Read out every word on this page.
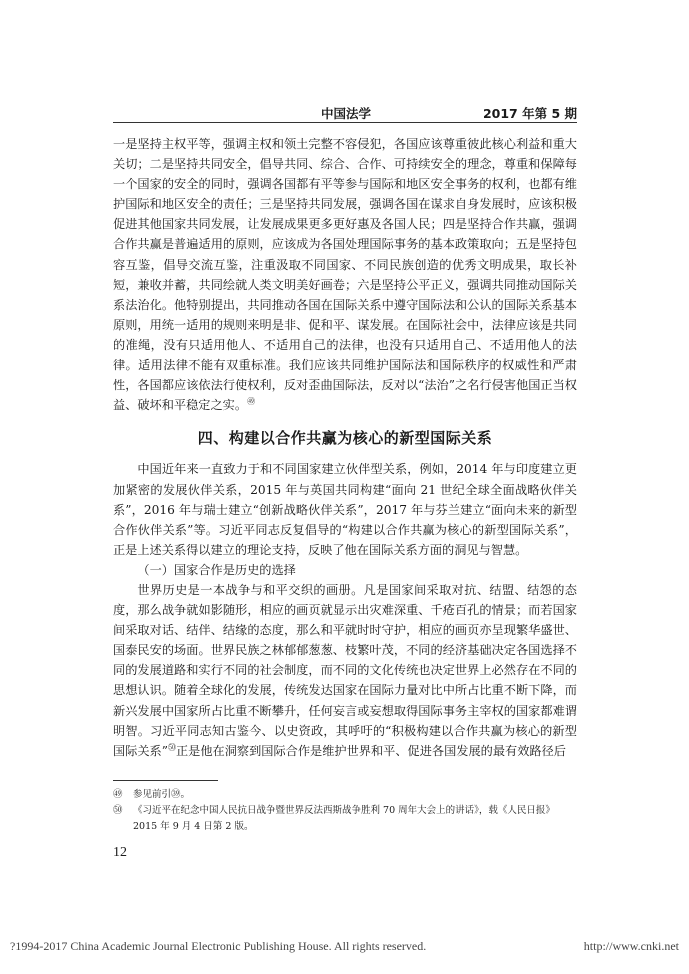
中国法学	2017 年第 5 期

一是坚持主权平等，强调主权和领土完整不容侵犯，各国应该尊重彼此核心利益和重大关切；二是坚持共同安全，倡导共同、综合、合作、可持续安全的理念，尊重和保障每一个国家的安全的同时，强调各国都有平等参与国际和地区安全事务的权利，也都有维护国际和地区安全的责任；三是坚持共同发展，强调各国在谋求自身发展时，应该积极促进其他国家共同发展，让发展成果更多更好惠及各国人民；四是坚持合作共赢，强调合作共赢是普遍适用的原则，应该成为各国处理国际事务的基本政策取向；五是坚持包容互鉴，倡导交流互鉴，注重汲取不同国家、不同民族创造的优秀文明成果，取长补短，兼收并蓄，共同绘就人类文明美好画卷；六是坚持公平正义，强调共同推动国际关系法治化。他特别提出，共同推动各国在国际关系中遵守国际法和公认的国际关系基本原则，用统一适用的规则来明是非、促和平、谋发展。在国际社会中，法律应该是共同的准绳，没有只适用他人、不适用自己的法律，也没有只适用自己、不适用他人的法律。适用法律不能有双重标准。我们应该共同维护国际法和国际秩序的权威性和严肃性，各国都应该依法行使权利，反对歪曲国际法，反对以“法治”之名行侵害他国正当权益、破坏和平稳定之实。$^㊾$

四、构建以合作共赢为核心的新型国际关系

中国近年来一直致力于和不同国家建立伙伴型关系，例如，2014 年与印度建立更加紧密的发展伙伴关系，2015 年与英国共同构建“面向 21 世纪全球全面战略伙伴关系”，2016 年与瑞士建立“创新战略伙伴关系”，2017 年与芬兰建立“面向未来的新型合作伙伴关系”等。习近平同志反复倡导的“构建以合作共赢为核心的新型国际关系”，正是上述关系得以建立的理论支持，反映了他在国际关系方面的洞见与智慧。

（一）国家合作是历史的选择

世界历史是一本战争与和平交织的画册。凡是国家间采取对抗、结盟、结怨的态度，那么战争就如影随形，相应的画页就显示出灾难深重、千疮百孔的情景；而若国家间采取对话、结伴、结缘的态度，那么和平就时时守护，相应的画页亦呈现繁华盛世、国泰民安的场面。世界民族之林郁郁葱葱、枝繁叶茂，不同的经济基础决定各国选择不同的发展道路和实行不同的社会制度，而不同的文化传统也决定世界上必然存在不同的思想认识。随着全球化的发展，传统发达国家在国际力量对比中所占比重不断下降，而新兴发展中国家所占比重不断攀升，任何妄言或妄想取得国际事务主宰权的国家都难谓明智。习近平同志知古鉴今、以史资政，其呼吁的“积极构建以合作共赢为核心的新型国际关系”$^㊿$正是他在洞察到国际合作是维护世界和平、促进各国发展的最有效路径后

㊾	参见前引㊴。
㊿	《习近平在纪念中国人民抗日战争暨世界反法西斯战争胜利 70 周年大会上的讲话》，载《人民日报》2015 年 9 月 4 日第 2 版。
12
?1994-2017 China Academic Journal Electronic Publishing House. All rights reserved.	http://www.cnki.net
